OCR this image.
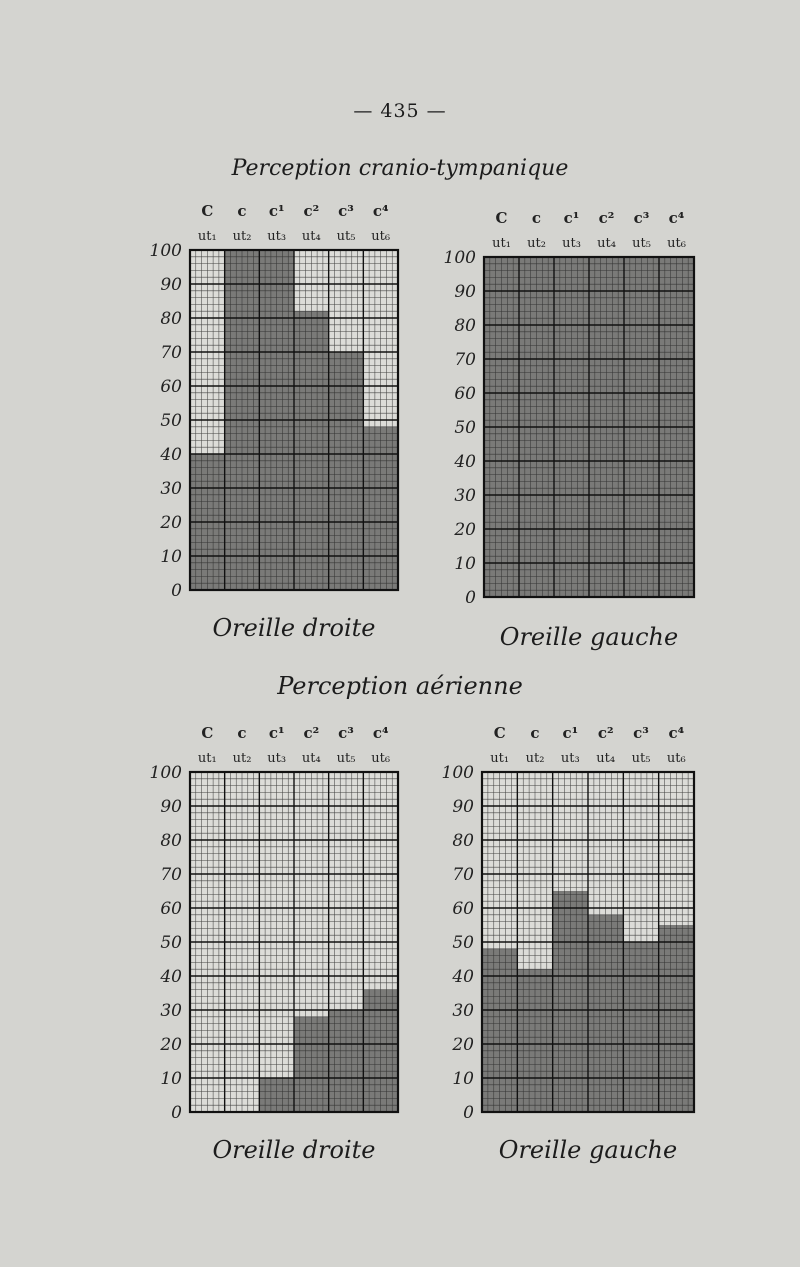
— 435 —
Perception cranio-tympanique
Perception aérienne
0
10
20
30
40
50
60
70
80
90
100
C
ut₁
c
ut₂
c¹
ut₃
c²
ut₄
c³
ut₅
c⁴
ut₆
Oreille droite
0
10
20
30
40
50
60
70
80
90
100
C
ut₁
c
ut₂
c¹
ut₃
c²
ut₄
c³
ut₅
c⁴
ut₆
Oreille gauche
0
10
20
30
40
50
60
70
80
90
100
C
ut₁
c
ut₂
c¹
ut₃
c²
ut₄
c³
ut₅
c⁴
ut₆
Oreille droite
0
10
20
30
40
50
60
70
80
90
100
C
ut₁
c
ut₂
c¹
ut₃
c²
ut₄
c³
ut₅
c⁴
ut₆
Oreille gauche
